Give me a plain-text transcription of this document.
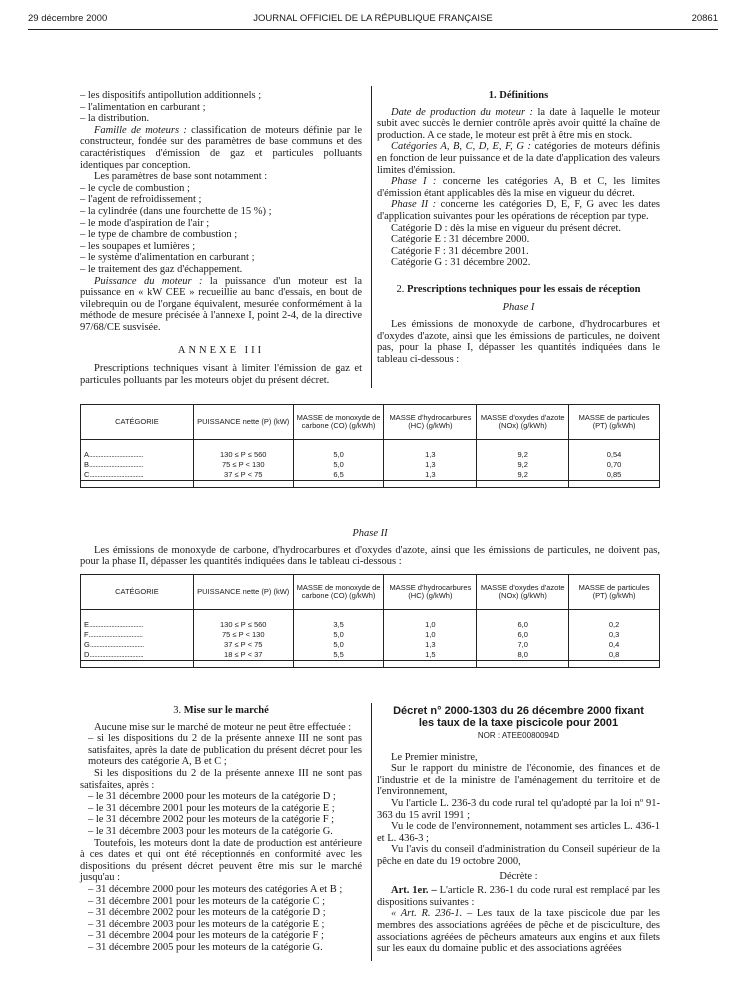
29 décembre 2000	JOURNAL OFFICIEL DE LA RÉPUBLIQUE FRANÇAISE	20861

– les dispositifs antipollution additionnels ;

– l'alimentation en carburant ;

– la distribution.

Famille de moteurs : classification de moteurs définie par le constructeur, fondée sur des paramètres de base communs et des caractéristiques d'émission de gaz et particules polluants identiques par conception.

Les paramètres de base sont notamment :

– le cycle de combustion ;

– l'agent de refroidissement ;

– la cylindrée (dans une fourchette de 15 %) ;

– le mode d'aspiration de l'air ;

– le type de chambre de combustion ;

– les soupapes et lumières ;

– le système d'alimentation en carburant ;

– le traitement des gaz d'échappement.

Puissance du moteur : la puissance d'un moteur est la puissance en « kW CEE » recueillie au banc d'essais, en bout de vilebrequin ou de l'organe équivalent, mesurée conformément à la méthode de mesure précisée à l'annexe I, point 2-4, de la directive 97/68/CE susvisée.

ANNEXE III

Prescriptions techniques visant à limiter l'émission de gaz et particules polluants par les moteurs objet du présent décret.

1. Définitions

Date de production du moteur : la date à laquelle le moteur subit avec succès le dernier contrôle après avoir quitté la chaîne de production. A ce stade, le moteur est prêt à être mis en stock.

Catégories A, B, C, D, E, F, G : catégories de moteurs définis en fonction de leur puissance et de la date d'application des valeurs limites d'émission.

Phase I : concerne les catégories A, B et C, les limites d'émission étant applicables dès la mise en vigueur du décret.

Phase II : concerne les catégories D, E, F, G avec les dates d'application suivantes pour les opérations de réception par type.

Catégorie D : dès la mise en vigueur du présent décret.

Catégorie E : 31 décembre 2000.

Catégorie F : 31 décembre 2001.

Catégorie G : 31 décembre 2002.

2. Prescriptions techniques pour les essais de réception

Phase I

Les émissions de monoxyde de carbone, d'hydrocarbures et d'oxydes d'azote, ainsi que les émissions de particules, ne doivent pas, pour la phase I, dépasser les quantités indiquées dans le tableau ci-dessous :

CATÉGORIE	PUISSANCE nette (P) (kW)	MASSE de monoxyde de carbone (CO) (g/kWh)	MASSE d'hydrocarbures (HC) (g/kWh)	MASSE d'oxydes d'azote (NOx) (g/kWh)	MASSE de particules (PT) (g/kWh)

A..................................	130 ≤ P ≤ 560	5,0	1,3	9,2	0,54
B..................................	75 ≤ P < 130	5,0	1,3	9,2	0,70
C..................................	37 ≤ P < 75	6,5	1,3	9,2	0,85

Phase II

Les émissions de monoxyde de carbone, d'hydrocarbures et d'oxydes d'azote, ainsi que les émissions de particules, ne doivent pas, pour la phase II, dépasser les quantités indiquées dans le tableau ci-dessous :

CATÉGORIE	PUISSANCE nette (P) (kW)	MASSE de monoxyde de carbone (CO) (g/kWh)	MASSE d'hydrocarbures (HC) (g/kWh)	MASSE d'oxydes d'azote (NOx) (g/kWh)	MASSE de particules (PT) (g/kWh)

E..................................	130 ≤ P ≤ 560	3,5	1,0	6,0	0,2
F..................................	75 ≤ P < 130	5,0	1,0	6,0	0,3
G..................................	37 ≤ P < 75	5,0	1,3	7,0	0,4
D..................................	18 ≤ P < 37	5,5	1,5	8,0	0,8

3. Mise sur le marché

Aucune mise sur le marché de moteur ne peut être effectuée :

– si les dispositions du 2 de la présente annexe III ne sont pas satisfaites, après la date de publication du présent décret pour les moteurs des catégorie A, B et C ;

Si les dispositions du 2 de la présente annexe III ne sont pas satisfaites, après :

– le 31 décembre 2000 pour les moteurs de la catégorie D ;

– le 31 décembre 2001 pour les moteurs de la catégorie E ;

– le 31 décembre 2002 pour les moteurs de la catégorie F ;

– le 31 décembre 2003 pour les moteurs de la catégorie G.

Toutefois, les moteurs dont la date de production est antérieure à ces dates et qui ont été réceptionnés en conformité avec les dispositions du présent décret peuvent être mis sur le marché jusqu'au :

– 31 décembre 2000 pour les moteurs des catégories A et B ;

– 31 décembre 2001 pour les moteurs de la catégorie C ;

– 31 décembre 2002 pour les moteurs de la catégorie D ;

– 31 décembre 2003 pour les moteurs de la catégorie E ;

– 31 décembre 2004 pour les moteurs de la catégorie F ;

– 31 décembre 2005 pour les moteurs de la catégorie G.

Décret n° 2000-1303 du 26 décembre 2000 fixant les taux de la taxe piscicole pour 2001

NOR : ATEE0080094D

Le Premier ministre,

Sur le rapport du ministre de l'économie, des finances et de l'industrie et de la ministre de l'aménagement du territoire et de l'environnement,

Vu l'article L. 236-3 du code rural tel qu'adopté par la loi nº 91-363 du 15 avril 1991 ;

Vu le code de l'environnement, notamment ses articles L. 436-1 et L. 436-3 ;

Vu l'avis du conseil d'administration du Conseil supérieur de la pêche en date du 19 octobre 2000,

Décrète :

Art. 1er. – L'article R. 236-1 du code rural est remplacé par les dispositions suivantes :

« Art. R. 236-1. – Les taux de la taxe piscicole due par les membres des associations agréées de pêche et de pisciculture, des associations agréées de pêcheurs amateurs aux engins et aux filets sur les eaux du domaine public et des associations agréées
